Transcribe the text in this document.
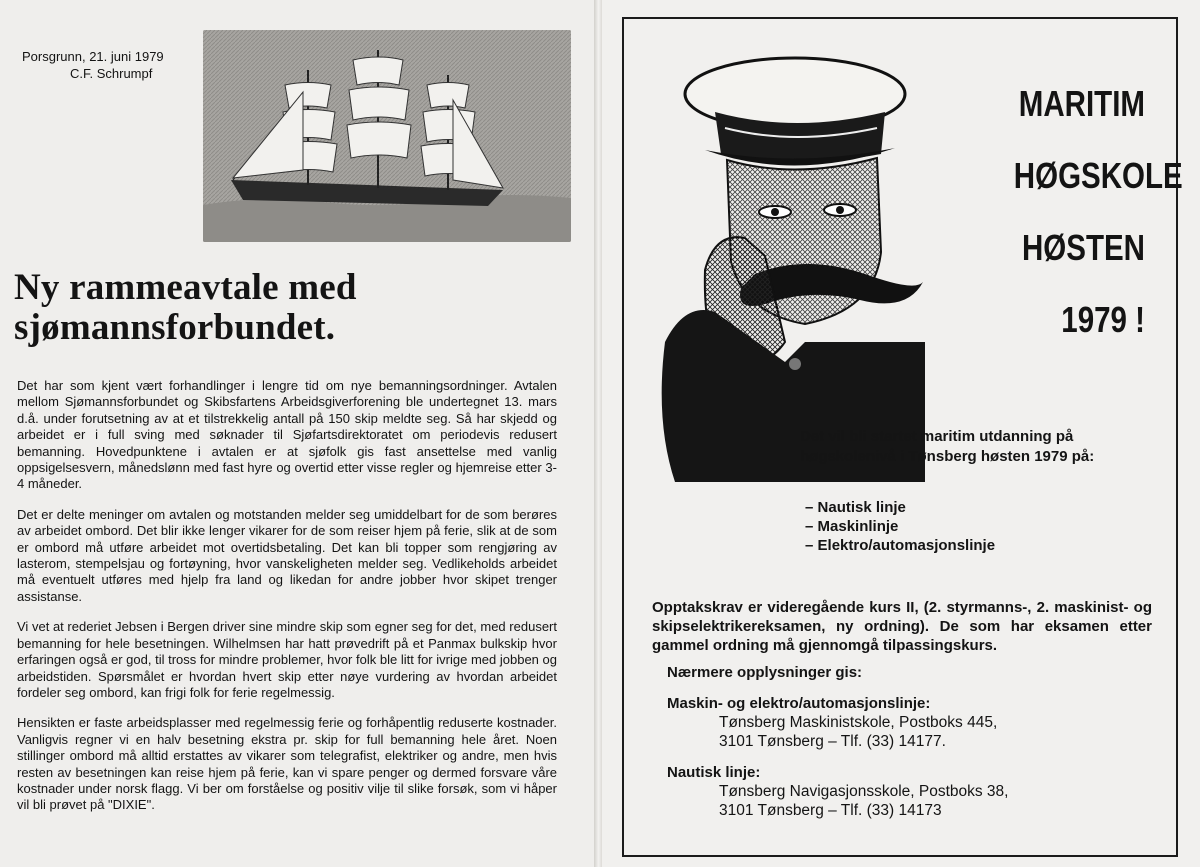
Porsgrunn, 21. juni 1979
C.F. Schrumpf
Ny rammeavtale med
sjømannsforbundet.

Det har som kjent vært forhandlinger i lengre tid om nye bemanningsordninger. Avtalen mellom Sjømannsforbundet og Skibsfartens Arbeidsgiverforening ble undertegnet 13. mars d.å. under forutsetning av at et tilstrekkelig antall på 150 skip meldte seg. Så har skjedd og arbeidet er i full sving med søknader til Sjøfartsdirektoratet om periodevis redusert bemanning. Hovedpunktene i avtalen er at sjøfolk gis fast ansettelse med vanlig oppsigelsesvern, månedslønn med fast hyre og overtid etter visse regler og hjemreise etter 3-4 måneder.

Det er delte meninger om avtalen og motstanden melder seg umiddelbart for de som berøres av arbeidet ombord. Det blir ikke lenger vikarer for de som reiser hjem på ferie, slik at de som er ombord må utføre arbeidet mot overtidsbetaling. Det kan bli topper som rengjøring av lasterom, stempelsjau og fortøyning, hvor vanskeligheten melder seg. Vedlikeholds arbeidet må eventuelt utføres med hjelp fra land og likedan for andre jobber hvor skipet trenger assistanse.

Vi vet at rederiet Jebsen i Bergen driver sine mindre skip som egner seg for det, med redusert bemanning for hele besetningen. Wilhelmsen har hatt prøvedrift på et Panmax bulkskip hvor erfaringen også er god, til tross for mindre problemer, hvor folk ble litt for ivrige med jobben og arbeidstiden. Spørsmålet er hvordan hvert skip etter nøye vurdering av hvordan arbeidet fordeler seg ombord, kan frigi folk for ferie regelmessig.

Hensikten er faste arbeidsplasser med regelmessig ferie og forhåpentlig reduserte kostnader. Vanligvis regner vi en halv besetning ekstra pr. skip for full bemanning hele året. Noen stillinger ombord må alltid erstattes av vikarer som telegrafist, elektriker og andre, men hvis resten av besetningen kan reise hjem på ferie, kan vi spare penger og dermed forsvare våre kostnader under norsk flagg. Vi ber om forståelse og positiv vilje til slike forsøk, som vi håper vil bli prøvet på "DIXIE".

MARITIM
HØGSKOLE
HØSTEN
1979 !
Det vil bli startet maritim utdanning på høgskolenivå i Tønsberg høsten 1979 på:
– Nautisk linje
– Maskinlinje
– Elektro/automasjonslinje
Opptakskrav er videregående kurs II, (2. styrmanns-, 2. maskinist- og skipselektrikereksamen, ny ordning). De som har eksamen etter gammel ordning må gjennomgå tilpassingskurs.
Nærmere opplysninger gis:
Maskin- og elektro/automasjonslinje:
Tønsberg Maskinistskole, Postboks 445,
3101 Tønsberg – Tlf. (33) 14177.
Nautisk linje:
Tønsberg Navigasjonsskole, Postboks 38,
3101 Tønsberg – Tlf. (33) 14173
